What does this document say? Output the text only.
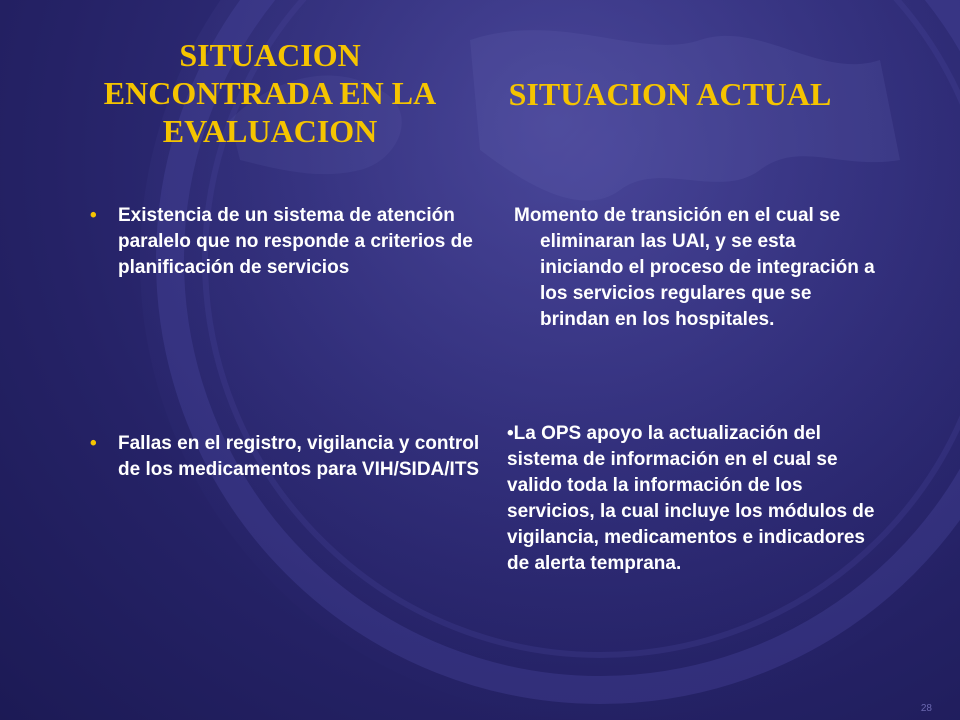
SITUACION ENCONTRADA EN LA EVALUACION
SITUACION ACTUAL
• Existencia de un sistema de atención paralelo que no responde a criterios de planificación de servicios
• Fallas en el registro, vigilancia y control de los medicamentos para VIH/SIDA/ITS
Momento de transición en el cual se eliminaran las UAI, y se esta iniciando el proceso de integración a los servicios regulares que se brindan en los hospitales.
•La OPS apoyo la actualización del sistema de información en el cual se valido toda la información de los servicios, la cual incluye los módulos de vigilancia, medicamentos e indicadores de alerta temprana.
28
